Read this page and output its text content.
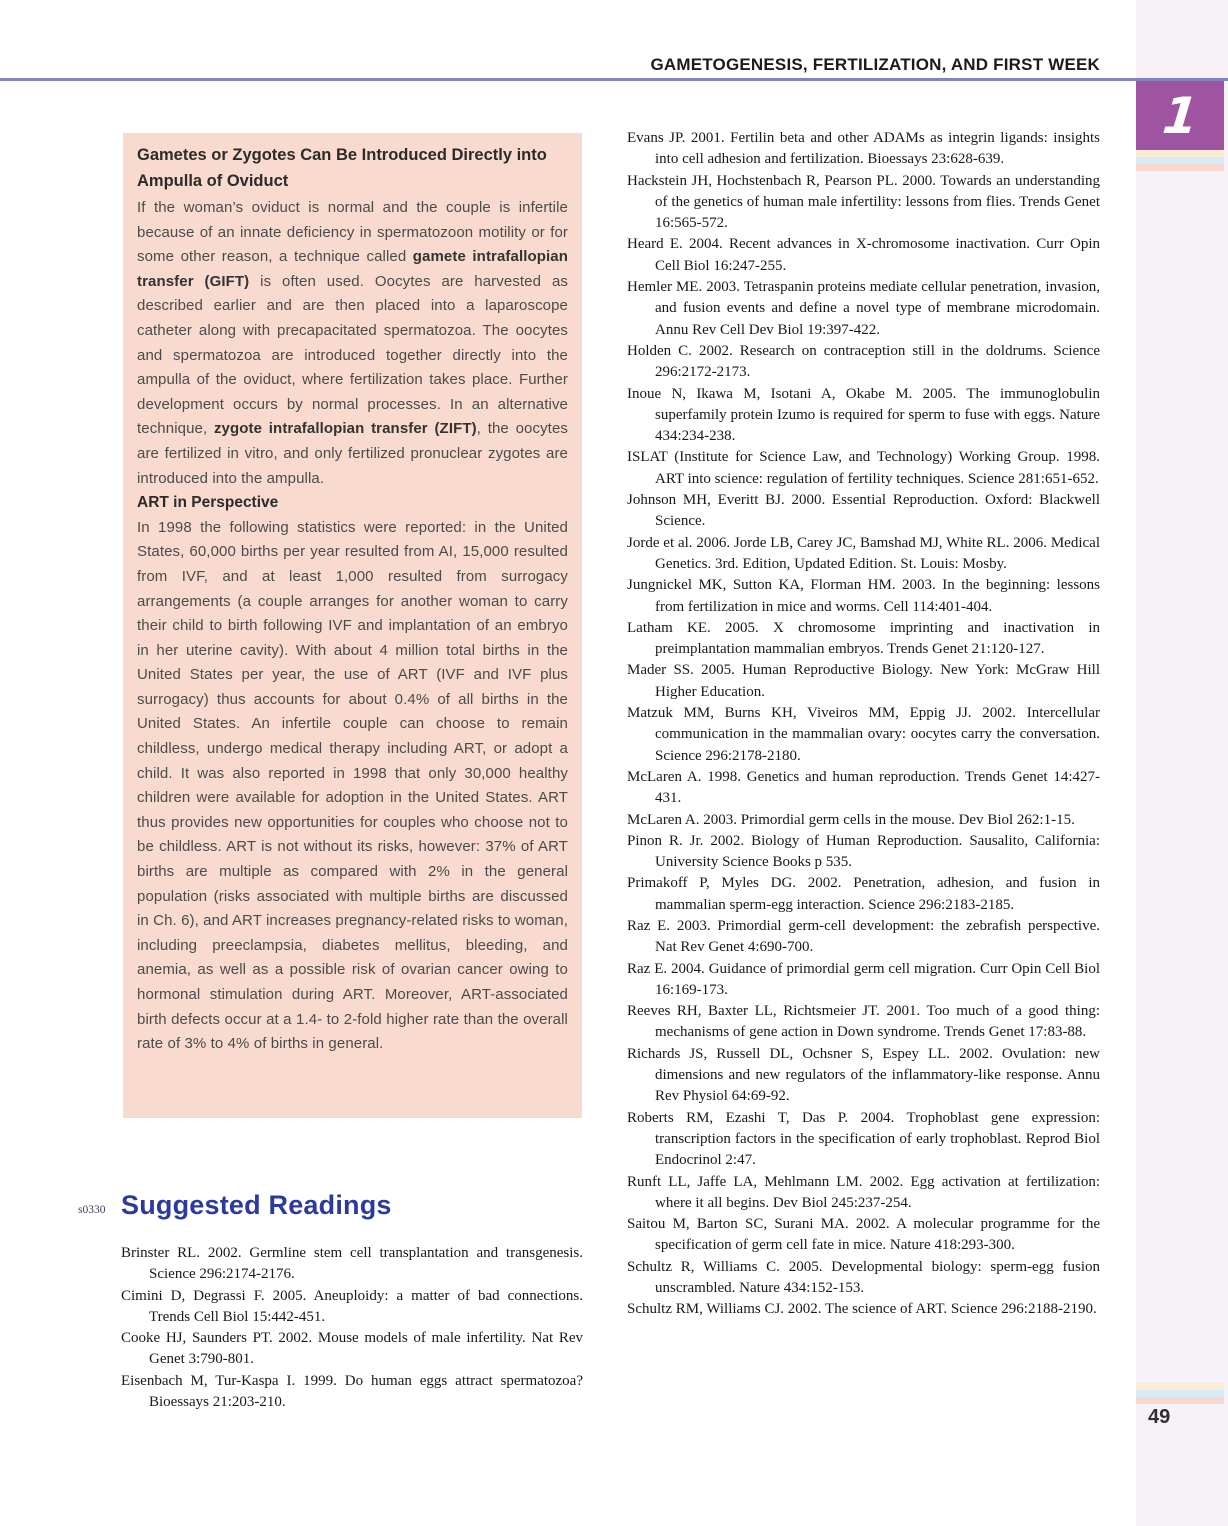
GAMETOGENESIS, FERTILIZATION, AND FIRST WEEK
1

Gametes or Zygotes Can Be Introduced Directly into Ampulla of Oviduct

If the woman’s oviduct is normal and the couple is infertile because of an innate deficiency in spermatozoon motility or for some other reason, a technique called gamete intrafallopian transfer (GIFT) is often used. Oocytes are harvested as described earlier and are then placed into a laparoscope catheter along with precapacitated spermatozoa. The oocytes and spermatozoa are introduced together directly into the ampulla of the oviduct, where fertilization takes place. Further development occurs by normal processes. In an alternative technique, zygote intrafallopian transfer (ZIFT), the oocytes are fertilized in vitro, and only fertilized pronuclear zygotes are introduced into the ampulla.

ART in Perspective

In 1998 the following statistics were reported: in the United States, 60,000 births per year resulted from AI, 15,000 resulted from IVF, and at least 1,000 resulted from surrogacy arrangements (a couple arranges for another woman to carry their child to birth following IVF and implantation of an embryo in her uterine cavity). With about 4 million total births in the United States per year, the use of ART (IVF and IVF plus surrogacy) thus accounts for about 0.4% of all births in the United States. An infertile couple can choose to remain childless, undergo medical therapy including ART, or adopt a child. It was also reported in 1998 that only 30,000 healthy children were available for adoption in the United States. ART thus provides new opportunities for couples who choose not to be childless. ART is not without its risks, however: 37% of ART births are multiple as compared with 2% in the general population (risks associated with multiple births are discussed in Ch. 6), and ART increases pregnancy-related risks to woman, including preeclampsia, diabetes mellitus, bleeding, and anemia, as well as a possible risk of ovarian cancer owing to hormonal stimulation during ART. Moreover, ART-associated birth defects occur at a 1.4- to 2-fold higher rate than the overall rate of 3% to 4% of births in general.

Evans JP. 2001. Fertilin beta and other ADAMs as integrin ligands: insights into cell adhesion and fertilization. Bioessays 23:628-639.

Hackstein JH, Hochstenbach R, Pearson PL. 2000. Towards an understanding of the genetics of human male infertility: lessons from flies. Trends Genet 16:565-572.

Heard E. 2004. Recent advances in X-chromosome inactivation. Curr Opin Cell Biol 16:247-255.

Hemler ME. 2003. Tetraspanin proteins mediate cellular penetration, invasion, and fusion events and define a novel type of membrane microdomain. Annu Rev Cell Dev Biol 19:397-422.

Holden C. 2002. Research on contraception still in the doldrums. Science 296:2172-2173.

Inoue N, Ikawa M, Isotani A, Okabe M. 2005. The immunoglobulin superfamily protein Izumo is required for sperm to fuse with eggs. Nature 434:234-238.

ISLAT (Institute for Science Law, and Technology) Working Group. 1998. ART into science: regulation of fertility techniques. Science 281:651-652.

Johnson MH, Everitt BJ. 2000. Essential Reproduction. Oxford: Blackwell Science.

Jorde et al. 2006. Jorde LB, Carey JC, Bamshad MJ, White RL. 2006. Medical Genetics. 3rd. Edition, Updated Edition. St. Louis: Mosby.

Jungnickel MK, Sutton KA, Florman HM. 2003. In the beginning: lessons from fertilization in mice and worms. Cell 114:401-404.

Latham KE. 2005. X chromosome imprinting and inactivation in preimplantation mammalian embryos. Trends Genet 21:120-127.

Mader SS. 2005. Human Reproductive Biology. New York: McGraw Hill Higher Education.

Matzuk MM, Burns KH, Viveiros MM, Eppig JJ. 2002. Intercellular communication in the mammalian ovary: oocytes carry the conversation. Science 296:2178-2180.

McLaren A. 1998. Genetics and human reproduction. Trends Genet 14:427-431.

McLaren A. 2003. Primordial germ cells in the mouse. Dev Biol 262:1-15.

Pinon R. Jr. 2002. Biology of Human Reproduction. Sausalito, California: University Science Books p 535.

Primakoff P, Myles DG. 2002. Penetration, adhesion, and fusion in mammalian sperm-egg interaction. Science 296:2183-2185.

Raz E. 2003. Primordial germ-cell development: the zebrafish perspective. Nat Rev Genet 4:690-700.

Raz E. 2004. Guidance of primordial germ cell migration. Curr Opin Cell Biol 16:169-173.

Reeves RH, Baxter LL, Richtsmeier JT. 2001. Too much of a good thing: mechanisms of gene action in Down syndrome. Trends Genet 17:83-88.

Richards JS, Russell DL, Ochsner S, Espey LL. 2002. Ovulation: new dimensions and new regulators of the inflammatory-like response. Annu Rev Physiol 64:69-92.

Roberts RM, Ezashi T, Das P. 2004. Trophoblast gene expression: transcription factors in the specification of early trophoblast. Reprod Biol Endocrinol 2:47.

Runft LL, Jaffe LA, Mehlmann LM. 2002. Egg activation at fertilization: where it all begins. Dev Biol 245:237-254.

Saitou M, Barton SC, Surani MA. 2002. A molecular programme for the specification of germ cell fate in mice. Nature 418:293-300.

Schultz R, Williams C. 2005. Developmental biology: sperm-egg fusion unscrambled. Nature 434:152-153.

Schultz RM, Williams CJ. 2002. The science of ART. Science 296:2188-2190.

s0330 Suggested Readings

Brinster RL. 2002. Germline stem cell transplantation and transgenesis. Science 296:2174-2176.

Cimini D, Degrassi F. 2005. Aneuploidy: a matter of bad connections. Trends Cell Biol 15:442-451.

Cooke HJ, Saunders PT. 2002. Mouse models of male infertility. Nat Rev Genet 3:790-801.

Eisenbach M, Tur-Kaspa I. 1999. Do human eggs attract spermatozoa? Bioessays 21:203-210.

49
